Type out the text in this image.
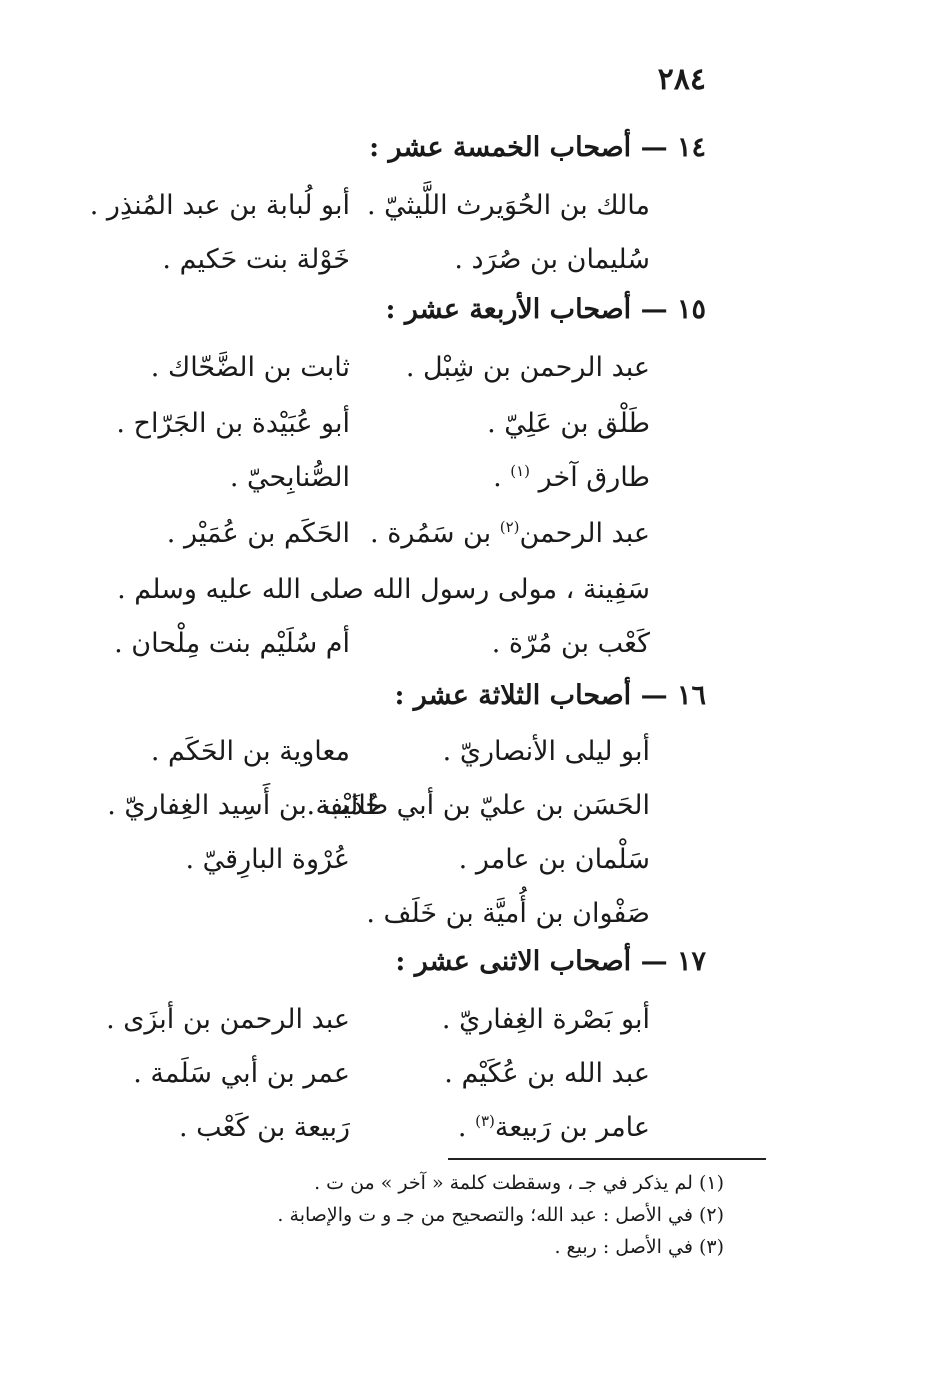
٢٨٤
١٤ — أصحاب الخمسة عشر :
مالك بن الحُوَيرث اللَّيثيّ .
أبو لُبابة بن عبد المُنذِر .
سُليمان بن صُرَد .
خَوْلة بنت حَكيم .
١٥ — أصحاب الأربعة عشر :
عبد الرحمن بن شِبْل .
ثابت بن الضَّحّاك .
طَلْق بن عَلِيّ .
أبو عُبَيْدة بن الجَرّاح .
طارق آخر $^{(١)}$ .
الصُّنابِحيّ .
عبد الرحمن$^{(٢)}$ بن سَمُرة .
الحَكَم بن عُمَيْر .
سَفِينة ، مولى رسول الله صلى الله عليه وسلم .
كَعْب بن مُرّة .
أم سُلَيْم بنت مِلْحان .
١٦ — أصحاب الثلاثة عشر :
أبو ليلى الأنصاريّ .
معاوية بن الحَكَم .
الحَسَن بن عليّ بن أبي طالب .
حُذَيْفة بن أَسِيد الغِفاريّ .
سَلْمان بن عامر .
عُرْوة البارِقيّ .
صَفْوان بن أُميَّة بن خَلَف .
١٧ — أصحاب الاثنى عشر :
أبو بَصْرة الغِفاريّ .
عبد الرحمن بن أبزَى .
عبد الله بن عُكَيْم .
عمر بن أبي سَلَمة .
عامر بن رَبيعة$^{(٣)}$ .
رَبيعة بن كَعْب .
(١) لم يذكر في جـ ، وسقطت كلمة « آخر » من ت .
(٢) في الأصل : عبد الله؛ والتصحيح من جـ و ت والإصابة .
(٣) في الأصل : ربيع .
